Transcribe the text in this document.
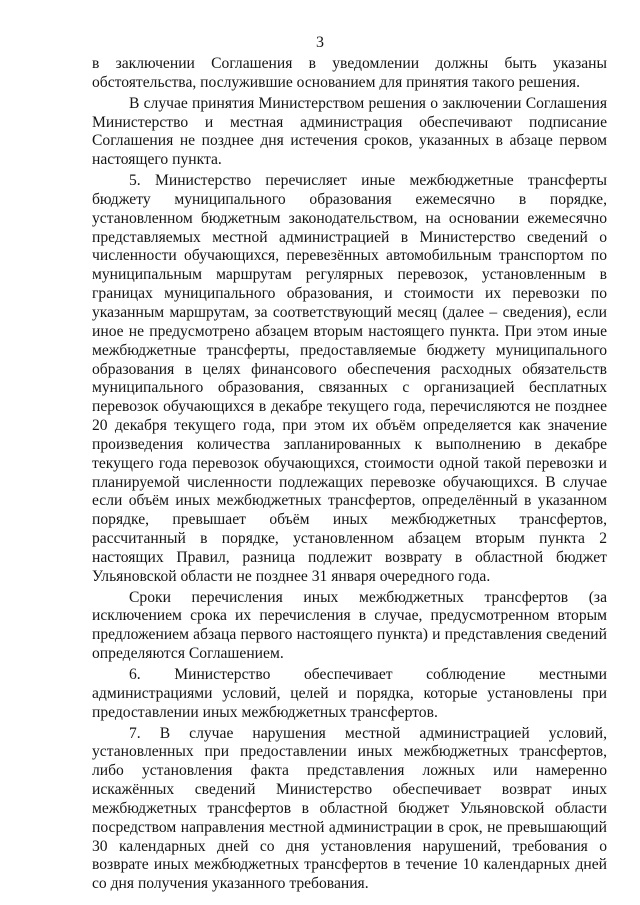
3

в заключении Соглашения в уведомлении должны быть указаны обстоятельства, послужившие основанием для принятия такого решения.

В случае принятия Министерством решения о заключении Соглашения Министерство и местная администрация обеспечивают подписание Соглашения не позднее дня истечения сроков, указанных в абзаце первом настоящего пункта.

5. Министерство перечисляет иные межбюджетные трансферты бюджету муниципального образования ежемесячно в порядке, установленном бюджетным законодательством, на основании ежемесячно представляемых местной администрацией в Министерство сведений о численности обучающихся, перевезённых автомобильным транспортом по муниципальным маршрутам регулярных перевозок, установленным в границах муниципального образования, и стоимости их перевозки по указанным маршрутам, за соответствующий месяц (далее – сведения), если иное не предусмотрено абзацем вторым настоящего пункта. При этом иные межбюджетные трансферты, предоставляемые бюджету муниципального образования в целях финансового обеспечения расходных обязательств муниципального образования, связанных с организацией бесплатных перевозок обучающихся в декабре текущего года, перечисляются не позднее 20 декабря текущего года, при этом их объём определяется как значение произведения количества запланированных к выполнению в декабре текущего года перевозок обучающихся, стоимости одной такой перевозки и планируемой численности подлежащих перевозке обучающихся. В случае если объём иных межбюджетных трансфертов, определённый в указанном порядке, превышает объём иных межбюджетных трансфертов, рассчитанный в порядке, установленном абзацем вторым пункта 2 настоящих Правил, разница подлежит возврату в областной бюджет Ульяновской области не позднее 31 января очередного года.

Сроки перечисления иных межбюджетных трансфертов (за исключением срока их перечисления в случае, предусмотренном вторым предложением абзаца первого настоящего пункта) и представления сведений определяются Соглашением.

6. Министерство обеспечивает соблюдение местными администрациями условий, целей и порядка, которые установлены при предоставлении иных межбюджетных трансфертов.

7. В случае нарушения местной администрацией условий, установленных при предоставлении иных межбюджетных трансфертов, либо установления факта представления ложных или намеренно искажённых сведений Министерство обеспечивает возврат иных межбюджетных трансфертов в областной бюджет Ульяновской области посредством направления местной администрации в срок, не превышающий 30 календарных дней со дня установления нарушений, требования о возврате иных межбюджетных трансфертов в течение 10 календарных дней со дня получения указанного требования.
